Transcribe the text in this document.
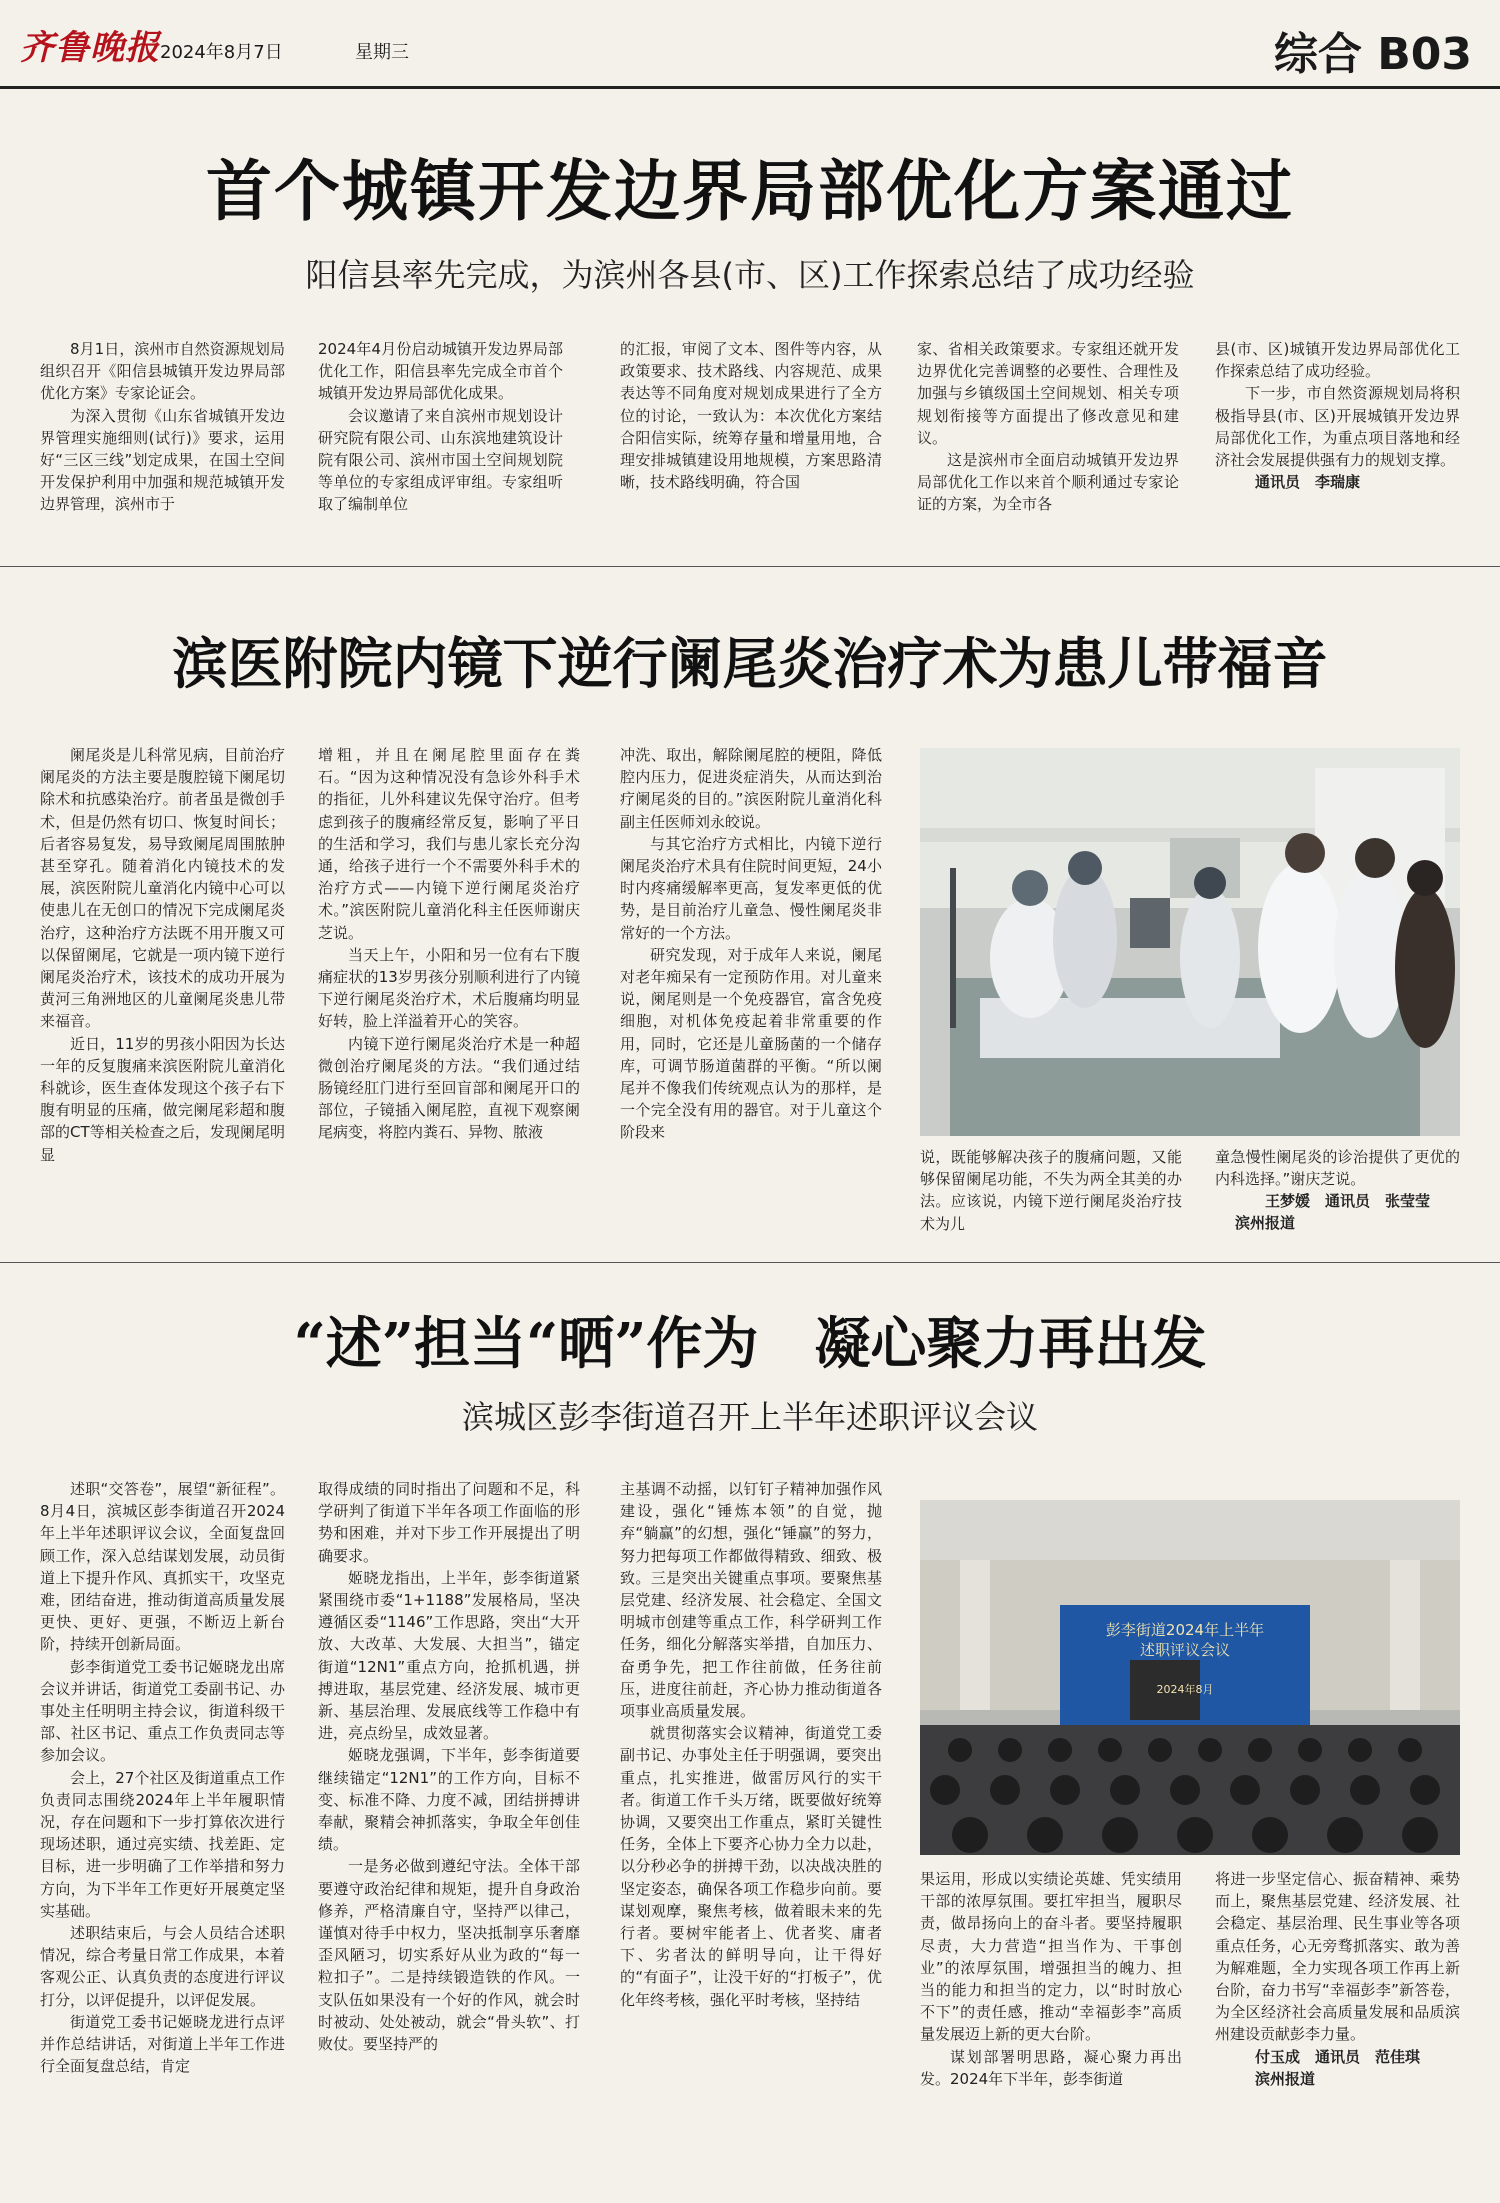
齐鲁晚报 2024年8月7日	星期三	综合 B03
首个城镇开发边界局部优化方案通过
阳信县率先完成，为滨州各县(市、区)工作探索总结了成功经验

8月1日，滨州市自然资源规划局组织召开《阳信县城镇开发边界局部优化方案》专家论证会。

为深入贯彻《山东省城镇开发边界管理实施细则(试行)》要求，运用好“三区三线”划定成果，在国土空间开发保护利用中加强和规范城镇开发边界管理，滨州市于

2024年4月份启动城镇开发边界局部优化工作，阳信县率先完成全市首个城镇开发边界局部优化成果。

会议邀请了来自滨州市规划设计研究院有限公司、山东滨地建筑设计院有限公司、滨州市国土空间规划院等单位的专家组成评审组。专家组听取了编制单位

的汇报，审阅了文本、图件等内容，从政策要求、技术路线、内容规范、成果表达等不同角度对规划成果进行了全方位的讨论，一致认为：本次优化方案结合阳信实际，统筹存量和增量用地，合理安排城镇建设用地规模，方案思路清晰，技术路线明确，符合国

家、省相关政策要求。专家组还就开发边界优化完善调整的必要性、合理性及加强与乡镇级国土空间规划、相关专项规划衔接等方面提出了修改意见和建议。

这是滨州市全面启动城镇开发边界局部优化工作以来首个顺利通过专家论证的方案，为全市各

县(市、区)城镇开发边界局部优化工作探索总结了成功经验。

下一步，市自然资源规划局将积极指导县(市、区)开展城镇开发边界局部优化工作，为重点项目落地和经济社会发展提供强有力的规划支撑。

通讯员　李瑞康
滨医附院内镜下逆行阑尾炎治疗术为患儿带福音

阑尾炎是儿科常见病，目前治疗阑尾炎的方法主要是腹腔镜下阑尾切除术和抗感染治疗。前者虽是微创手术，但是仍然有切口、恢复时间长；后者容易复发，易导致阑尾周围脓肿甚至穿孔。随着消化内镜技术的发展，滨医附院儿童消化内镜中心可以使患儿在无创口的情况下完成阑尾炎治疗，这种治疗方法既不用开腹又可以保留阑尾，它就是一项内镜下逆行阑尾炎治疗术，该技术的成功开展为黄河三角洲地区的儿童阑尾炎患儿带来福音。

近日，11岁的男孩小阳因为长达一年的反复腹痛来滨医附院儿童消化科就诊，医生查体发现这个孩子右下腹有明显的压痛，做完阑尾彩超和腹部的CT等相关检查之后，发现阑尾明显

增粗，并且在阑尾腔里面存在粪石。“因为这种情况没有急诊外科手术的指征，儿外科建议先保守治疗。但考虑到孩子的腹痛经常反复，影响了平日的生活和学习，我们与患儿家长充分沟通，给孩子进行一个不需要外科手术的治疗方式——内镜下逆行阑尾炎治疗术。”滨医附院儿童消化科主任医师谢庆芝说。

当天上午，小阳和另一位有右下腹痛症状的13岁男孩分别顺利进行了内镜下逆行阑尾炎治疗术，术后腹痛均明显好转，脸上洋溢着开心的笑容。

内镜下逆行阑尾炎治疗术是一种超微创治疗阑尾炎的方法。“我们通过结肠镜经肛门进行至回盲部和阑尾开口的部位，子镜插入阑尾腔，直视下观察阑尾病变，将腔内粪石、异物、脓液

冲洗、取出，解除阑尾腔的梗阻，降低腔内压力，促进炎症消失，从而达到治疗阑尾炎的目的。”滨医附院儿童消化科副主任医师刘永皎说。

与其它治疗方式相比，内镜下逆行阑尾炎治疗术具有住院时间更短，24小时内疼痛缓解率更高，复发率更低的优势，是目前治疗儿童急、慢性阑尾炎非常好的一个方法。

研究发现，对于成年人来说，阑尾对老年痴呆有一定预防作用。对儿童来说，阑尾则是一个免疫器官，富含免疫细胞，对机体免疫起着非常重要的作用，同时，它还是儿童肠菌的一个储存库，可调节肠道菌群的平衡。“所以阑尾并不像我们传统观点认为的那样，是一个完全没有用的器官。对于儿童这个阶段来

说，既能够解决孩子的腹痛问题，又能够保留阑尾功能，不失为两全其美的办法。应该说，内镜下逆行阑尾炎治疗技术为儿

童急慢性阑尾炎的诊治提供了更优的内科选择。”谢庆芝说。

王梦媛　通讯员　张莹莹
滨州报道
“述”担当“晒”作为　凝心聚力再出发
滨城区彭李街道召开上半年述职评议会议

述职“交答卷”，展望“新征程”。8月4日，滨城区彭李街道召开2024年上半年述职评议会议，全面复盘回顾工作，深入总结谋划发展，动员街道上下提升作风、真抓实干，攻坚克难，团结奋进，推动街道高质量发展更快、更好、更强，不断迈上新台阶，持续开创新局面。

彭李街道党工委书记姬晓龙出席会议并讲话，街道党工委副书记、办事处主任明明主持会议，街道科级干部、社区书记、重点工作负责同志等参加会议。

会上，27个社区及街道重点工作负责同志围绕2024年上半年履职情况，存在问题和下一步打算依次进行现场述职，通过亮实绩、找差距、定目标，进一步明确了工作举措和努力方向，为下半年工作更好开展奠定坚实基础。

述职结束后，与会人员结合述职情况，综合考量日常工作成果，本着客观公正、认真负责的态度进行评议打分，以评促提升，以评促发展。

街道党工委书记姬晓龙进行点评并作总结讲话，对街道上半年工作进行全面复盘总结，肯定

取得成绩的同时指出了问题和不足，科学研判了街道下半年各项工作面临的形势和困难，并对下步工作开展提出了明确要求。

姬晓龙指出，上半年，彭李街道紧紧围绕市委“1+1188”发展格局，坚决遵循区委“1146”工作思路，突出“大开放、大改革、大发展、大担当”，锚定街道“12N1”重点方向，抢抓机遇，拼搏进取，基层党建、经济发展、城市更新、基层治理、发展底线等工作稳中有进，亮点纷呈，成效显著。

姬晓龙强调，下半年，彭李街道要继续锚定“12N1”的工作方向，目标不变、标准不降、力度不减，团结拼搏讲奉献，聚精会神抓落实，争取全年创佳绩。

一是务必做到遵纪守法。全体干部要遵守政治纪律和规矩，提升自身政治修养，严格清廉自守，坚持严以律己，谨慎对待手中权力，坚决抵制享乐奢靡歪风陋习，切实系好从业为政的“每一粒扣子”。二是持续锻造铁的作风。一支队伍如果没有一个好的作风，就会时时被动、处处被动，就会“骨头软”、打败仗。要坚持严的

主基调不动摇，以钉钉子精神加强作风建设，强化“锤炼本领”的自觉，抛弃“躺赢”的幻想，强化“锤赢”的努力，努力把每项工作都做得精致、细致、极致。三是突出关键重点事项。要聚焦基层党建、经济发展、社会稳定、全国文明城市创建等重点工作，科学研判工作任务，细化分解落实举措，自加压力、奋勇争先，把工作往前做，任务往前压，进度往前赶，齐心协力推动街道各项事业高质量发展。

就贯彻落实会议精神，街道党工委副书记、办事处主任于明强调，要突出重点，扎实推进，做雷厉风行的实干者。街道工作千头万绪，既要做好统筹协调，又要突出工作重点，紧盯关键性任务，全体上下要齐心协力全力以赴，以分秒必争的拼搏干劲，以决战决胜的坚定姿态，确保各项工作稳步向前。要谋划观摩，聚焦考核，做着眼未来的先行者。要树牢能者上、优者奖、庸者下、劣者汰的鲜明导向，让干得好的“有面子”，让没干好的“打板子”，优化年终考核，强化平时考核，坚持结

彭李街道2024年上半年
述职评议会议
2024年8月

果运用，形成以实绩论英雄、凭实绩用干部的浓厚氛围。要扛牢担当，履职尽责，做昂扬向上的奋斗者。要坚持履职尽责，大力营造“担当作为、干事创业”的浓厚氛围，增强担当的魄力、担当的能力和担当的定力，以“时时放心不下”的责任感，推动“幸福彭李”高质量发展迈上新的更大台阶。

谋划部署明思路，凝心聚力再出发。2024年下半年，彭李街道

将进一步坚定信心、振奋精神、乘势而上，聚焦基层党建、经济发展、社会稳定、基层治理、民生事业等各项重点任务，心无旁骛抓落实、敢为善为解难题，全力实现各项工作再上新台阶，奋力书写“幸福彭李”新答卷，为全区经济社会高质量发展和品质滨州建设贡献彭李力量。

付玉成　通讯员　范佳琪
滨州报道
